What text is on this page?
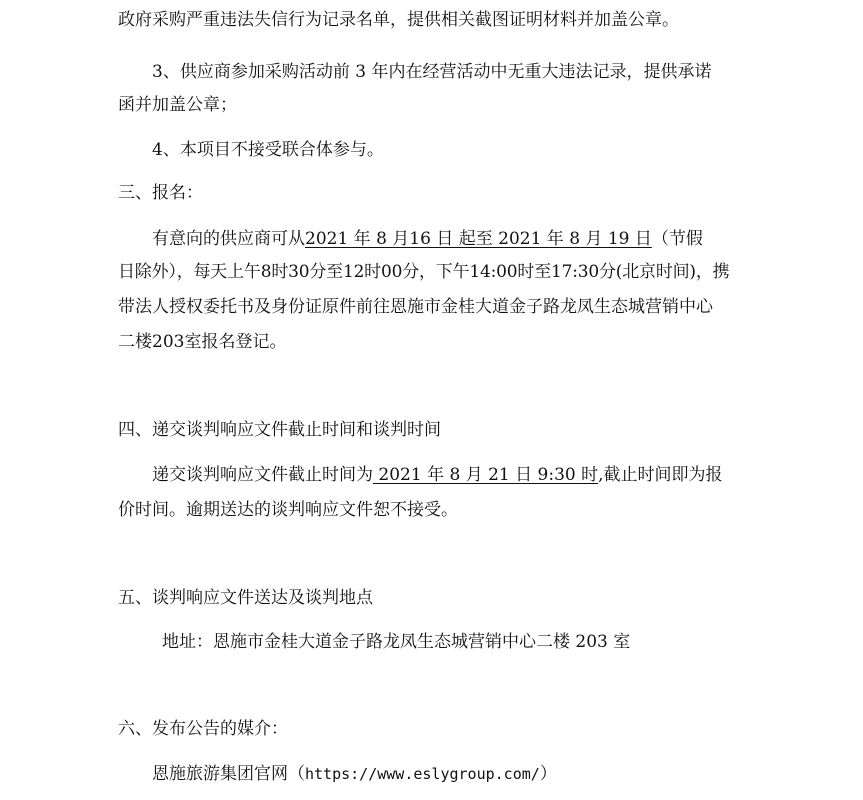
政府采购严重违法失信行为记录名单，提供相关截图证明材料并加盖公章。
3、供应商参加采购活动前 3 年内在经营活动中无重大违法记录，提供承诺
函并加盖公章；
4、本项目不接受联合体参与。
三、报名：
有意向的供应商可从2021 年 8 月16 日 起至 2021 年 8 月 19 日（节假
日除外），每天上午8时30分至12时00分，下午14:00时至17:30分(北京时间)，携
带法人授权委托书及身份证原件前往恩施市金桂大道金子路龙凤生态城营销中心
二楼203室报名登记。
四、递交谈判响应文件截止时间和谈判时间
递交谈判响应文件截止时间为 2021 年 8 月 21 日 9:30 时,截止时间即为报
价时间。逾期送达的谈判响应文件恕不接受。
五、谈判响应文件送达及谈判地点
地址：恩施市金桂大道金子路龙凤生态城营销中心二楼 203 室
六、发布公告的媒介：
恩施旅游集团官网（https://www.eslygroup.com/）
